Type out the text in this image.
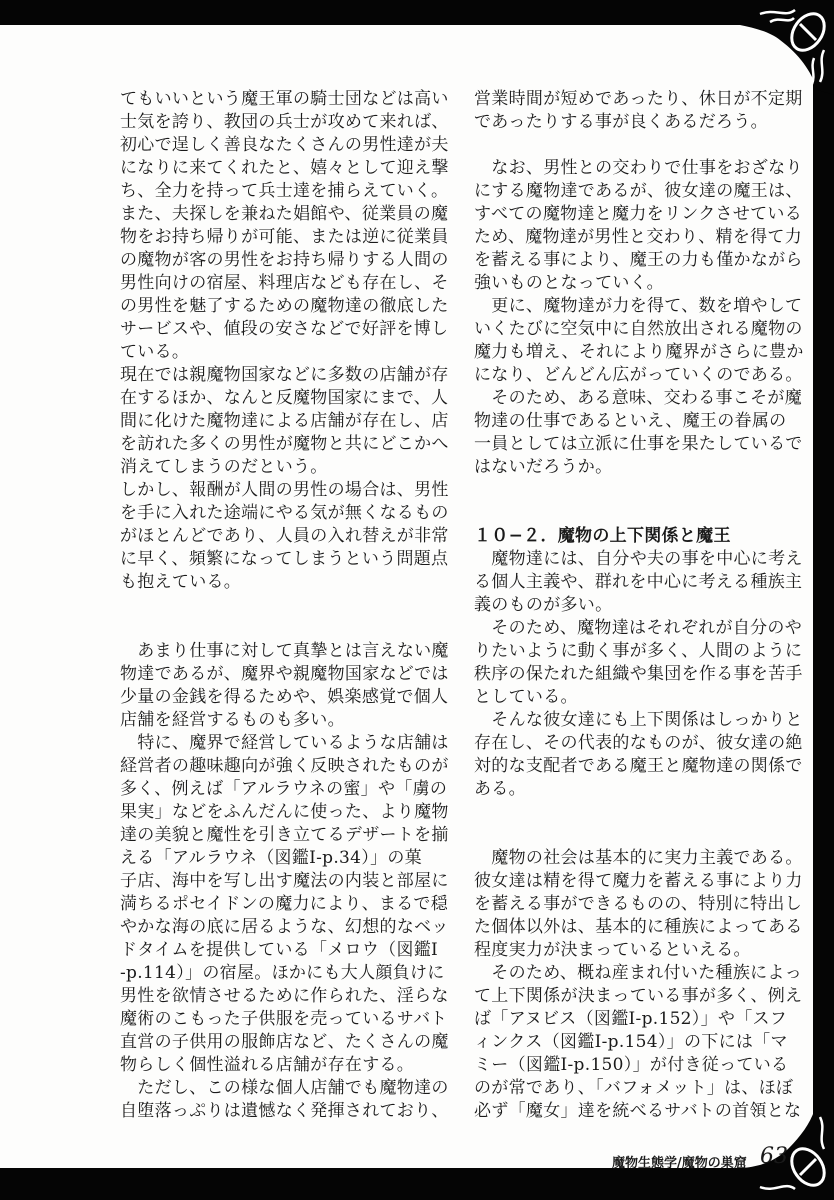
てもいいという魔王軍の騎士団などは高い
士気を誇り、教団の兵士が攻めて来れば、
初心で逞しく善良なたくさんの男性達が夫
になりに来てくれたと、嬉々として迎え撃
ち、全力を持って兵士達を捕らえていく。
また、夫探しを兼ねた娼館や、従業員の魔
物をお持ち帰りが可能、または逆に従業員
の魔物が客の男性をお持ち帰りする人間の
男性向けの宿屋、料理店なども存在し、そ
の男性を魅了するための魔物達の徹底した
サービスや、値段の安さなどで好評を博し
ている。
現在では親魔物国家などに多数の店舗が存
在するほか、なんと反魔物国家にまで、人
間に化けた魔物達による店舗が存在し、店
を訪れた多くの男性が魔物と共にどこかへ
消えてしまうのだという。
しかし、報酬が人間の男性の場合は、男性
を手に入れた途端にやる気が無くなるもの
がほとんどであり、人員の入れ替えが非常
に早く、頻繁になってしまうという問題点
も抱えている。
　あまり仕事に対して真摯とは言えない魔
物達であるが、魔界や親魔物国家などでは
少量の金銭を得るためや、娯楽感覚で個人
店舗を経営するものも多い。
　特に、魔界で経営しているような店舗は
経営者の趣味趣向が強く反映されたものが
多く、例えば「アルラウネの蜜」や「虜の
果実」などをふんだんに使った、より魔物
達の美貌と魔性を引き立てるデザートを揃
える「アルラウネ（図鑑Ⅰ-p.34）」の菓
子店、海中を写し出す魔法の内装と部屋に
満ちるポセイドンの魔力により、まるで穏
やかな海の底に居るような、幻想的なベッ
ドタイムを提供している「メロウ（図鑑Ⅰ
-p.114）」の宿屋。ほかにも大人顔負けに
男性を欲情させるために作られた、淫らな
魔術のこもった子供服を売っているサバト
直営の子供用の服飾店など、たくさんの魔
物らしく個性溢れる店舗が存在する。
　ただし、この様な個人店舗でも魔物達の
自堕落っぷりは遺憾なく発揮されており、
営業時間が短めであったり、休日が不定期
であったりする事が良くあるだろう。
　なお、男性との交わりで仕事をおざなり
にする魔物達であるが、彼女達の魔王は、
すべての魔物達と魔力をリンクさせている
ため、魔物達が男性と交わり、精を得て力
を蓄える事により、魔王の力も僅かながら
強いものとなっていく。
　更に、魔物達が力を得て、数を増やして
いくたびに空気中に自然放出される魔物の
魔力も増え、それにより魔界がさらに豊か
になり、どんどん広がっていくのである。
　そのため、ある意味、交わる事こそが魔
物達の仕事であるといえ、魔王の眷属の
一員としては立派に仕事を果たしているで
はないだろうか。
１０−２．魔物の上下関係と魔王
　魔物達には、自分や夫の事を中心に考え
る個人主義や、群れを中心に考える種族主
義のものが多い。
　そのため、魔物達はそれぞれが自分のや
りたいように動く事が多く、人間のように
秩序の保たれた組織や集団を作る事を苦手
としている。
　そんな彼女達にも上下関係はしっかりと
存在し、その代表的なものが、彼女達の絶
対的な支配者である魔王と魔物達の関係で
ある。
　魔物の社会は基本的に実力主義である。
彼女達は精を得て魔力を蓄える事により力
を蓄える事ができるものの、特別に特出し
た個体以外は、基本的に種族によってある
程度実力が決まっているといえる。
　そのため、概ね産まれ付いた種族によっ
て上下関係が決まっている事が多く、例え
ば「アヌビス（図鑑Ⅰ-p.152）」や「スフ
ィンクス（図鑑Ⅰ-p.154）」の下には「マ
ミー（図鑑Ⅰ-p.150）」が付き従っている
のが常であり、「バフォメット」は、ほぼ
必ず「魔女」達を統べるサバトの首領とな
魔物生態学/魔物の巣窟 63
